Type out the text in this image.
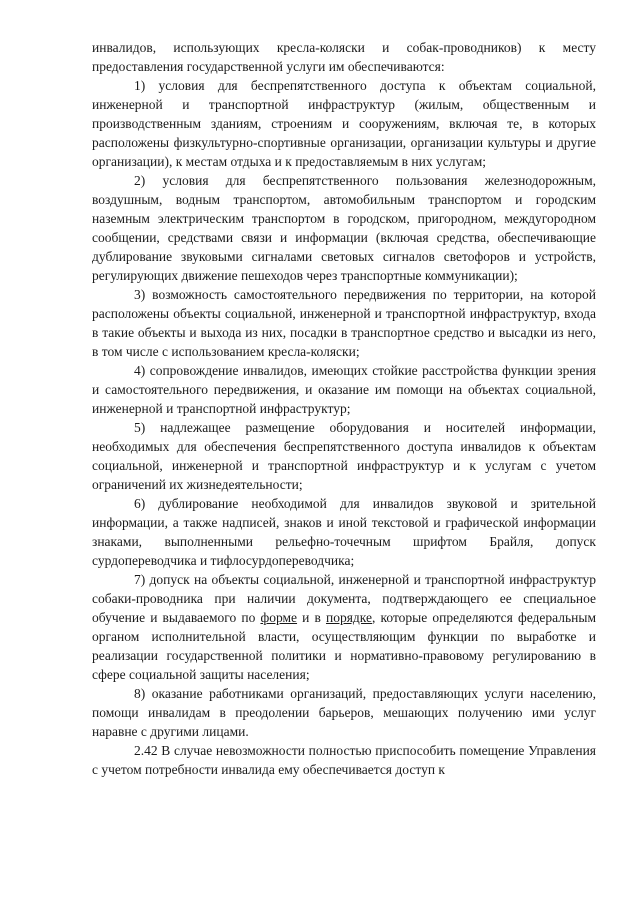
инвалидов, использующих кресла-коляски и собак-проводников) к месту предоставления государственной услуги им обеспечиваются:

1) условия для беспрепятственного доступа к объектам социальной, инженерной и транспортной инфраструктур (жилым, общественным и производственным зданиям, строениям и сооружениям, включая те, в которых расположены физкультурно-спортивные организации, организации культуры и другие организации), к местам отдыха и к предоставляемым в них услугам;

2) условия для беспрепятственного пользования железнодорожным, воздушным, водным транспортом, автомобильным транспортом и городским наземным электрическим транспортом в городском, пригородном, междугородном сообщении, средствами связи и информации (включая средства, обеспечивающие дублирование звуковыми сигналами световых сигналов светофоров и устройств, регулирующих движение пешеходов через транспортные коммуникации);

3) возможность самостоятельного передвижения по территории, на которой расположены объекты социальной, инженерной и транспортной инфраструктур, входа в такие объекты и выхода из них, посадки в транспортное средство и высадки из него, в том числе с использованием кресла-коляски;

4) сопровождение инвалидов, имеющих стойкие расстройства функции зрения и самостоятельного передвижения, и оказание им помощи на объектах социальной, инженерной и транспортной инфраструктур;

5) надлежащее размещение оборудования и носителей информации, необходимых для обеспечения беспрепятственного доступа инвалидов к объектам социальной, инженерной и транспортной инфраструктур и к услугам с учетом ограничений их жизнедеятельности;

6) дублирование необходимой для инвалидов звуковой и зрительной информации, а также надписей, знаков и иной текстовой и графической информации знаками, выполненными рельефно-точечным шрифтом Брайля, допуск сурдопереводчика и тифлосурдопереводчика;

7) допуск на объекты социальной, инженерной и транспортной инфраструктур собаки-проводника при наличии документа, подтверждающего ее специальное обучение и выдаваемого по форме и в порядке, которые определяются федеральным органом исполнительной власти, осуществляющим функции по выработке и реализации государственной политики и нормативно-правовому регулированию в сфере социальной защиты населения;

8) оказание работниками организаций, предоставляющих услуги населению, помощи инвалидам в преодолении барьеров, мешающих получению ими услуг наравне с другими лицами.

2.42 В случае невозможности полностью приспособить помещение Управления с учетом потребности инвалида ему обеспечивается доступ к
